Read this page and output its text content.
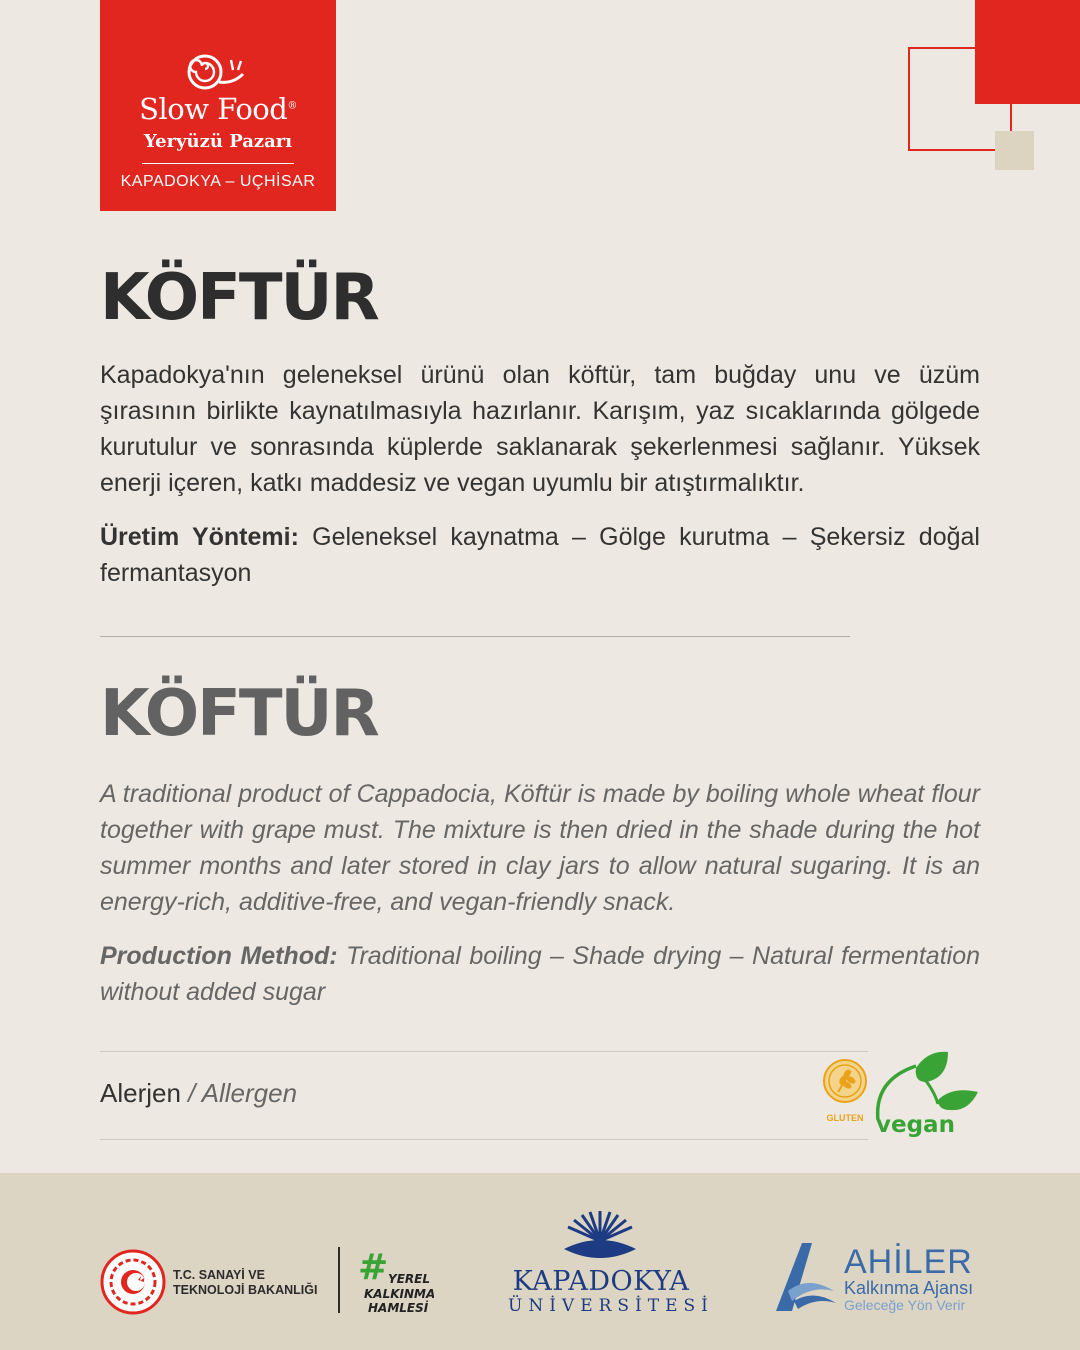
Slow Food®
Yeryüzü Pazarı
KAPADOKYA – UÇHİSAR
KÖFTÜR

Kapadokya'nın geleneksel ürünü olan köftür, tam buğday unu ve üzüm şırasının birlikte kaynatılmasıyla hazırlanır. Karışım, yaz sıcaklarında gölgede kurutulur ve sonrasında küplerde saklanarak şekerlenmesi sağlanır. Yüksek enerji içeren, katkı maddesiz ve vegan uyumlu bir atıştırmalıktır.

Üretim Yöntemi: Geleneksel kaynatma – Gölge kurutma – Şekersiz doğal fermantasyon

KÖFTÜR

A traditional product of Cappadocia, Köftür is made by boiling whole wheat flour together with grape must. The mixture is then dried in the shade during the hot summer months and later stored in clay jars to allow natural sugaring. It is an energy-rich, additive-free, and vegan-friendly snack.

Production Method: Traditional boiling – Shade drying – Natural fermentation without added sugar

Alerjen / Allergen
GLUTEN vegan
T.C. SANAYİ VE
TEKNOLOJİ BAKANLIĞI
# YEREL
KALKINMA
HAMLESİ
KAPADOKYA
ÜNİVERSİTESİ
AHİLER
Kalkınma Ajansı
Geleceğe Yön Verir
